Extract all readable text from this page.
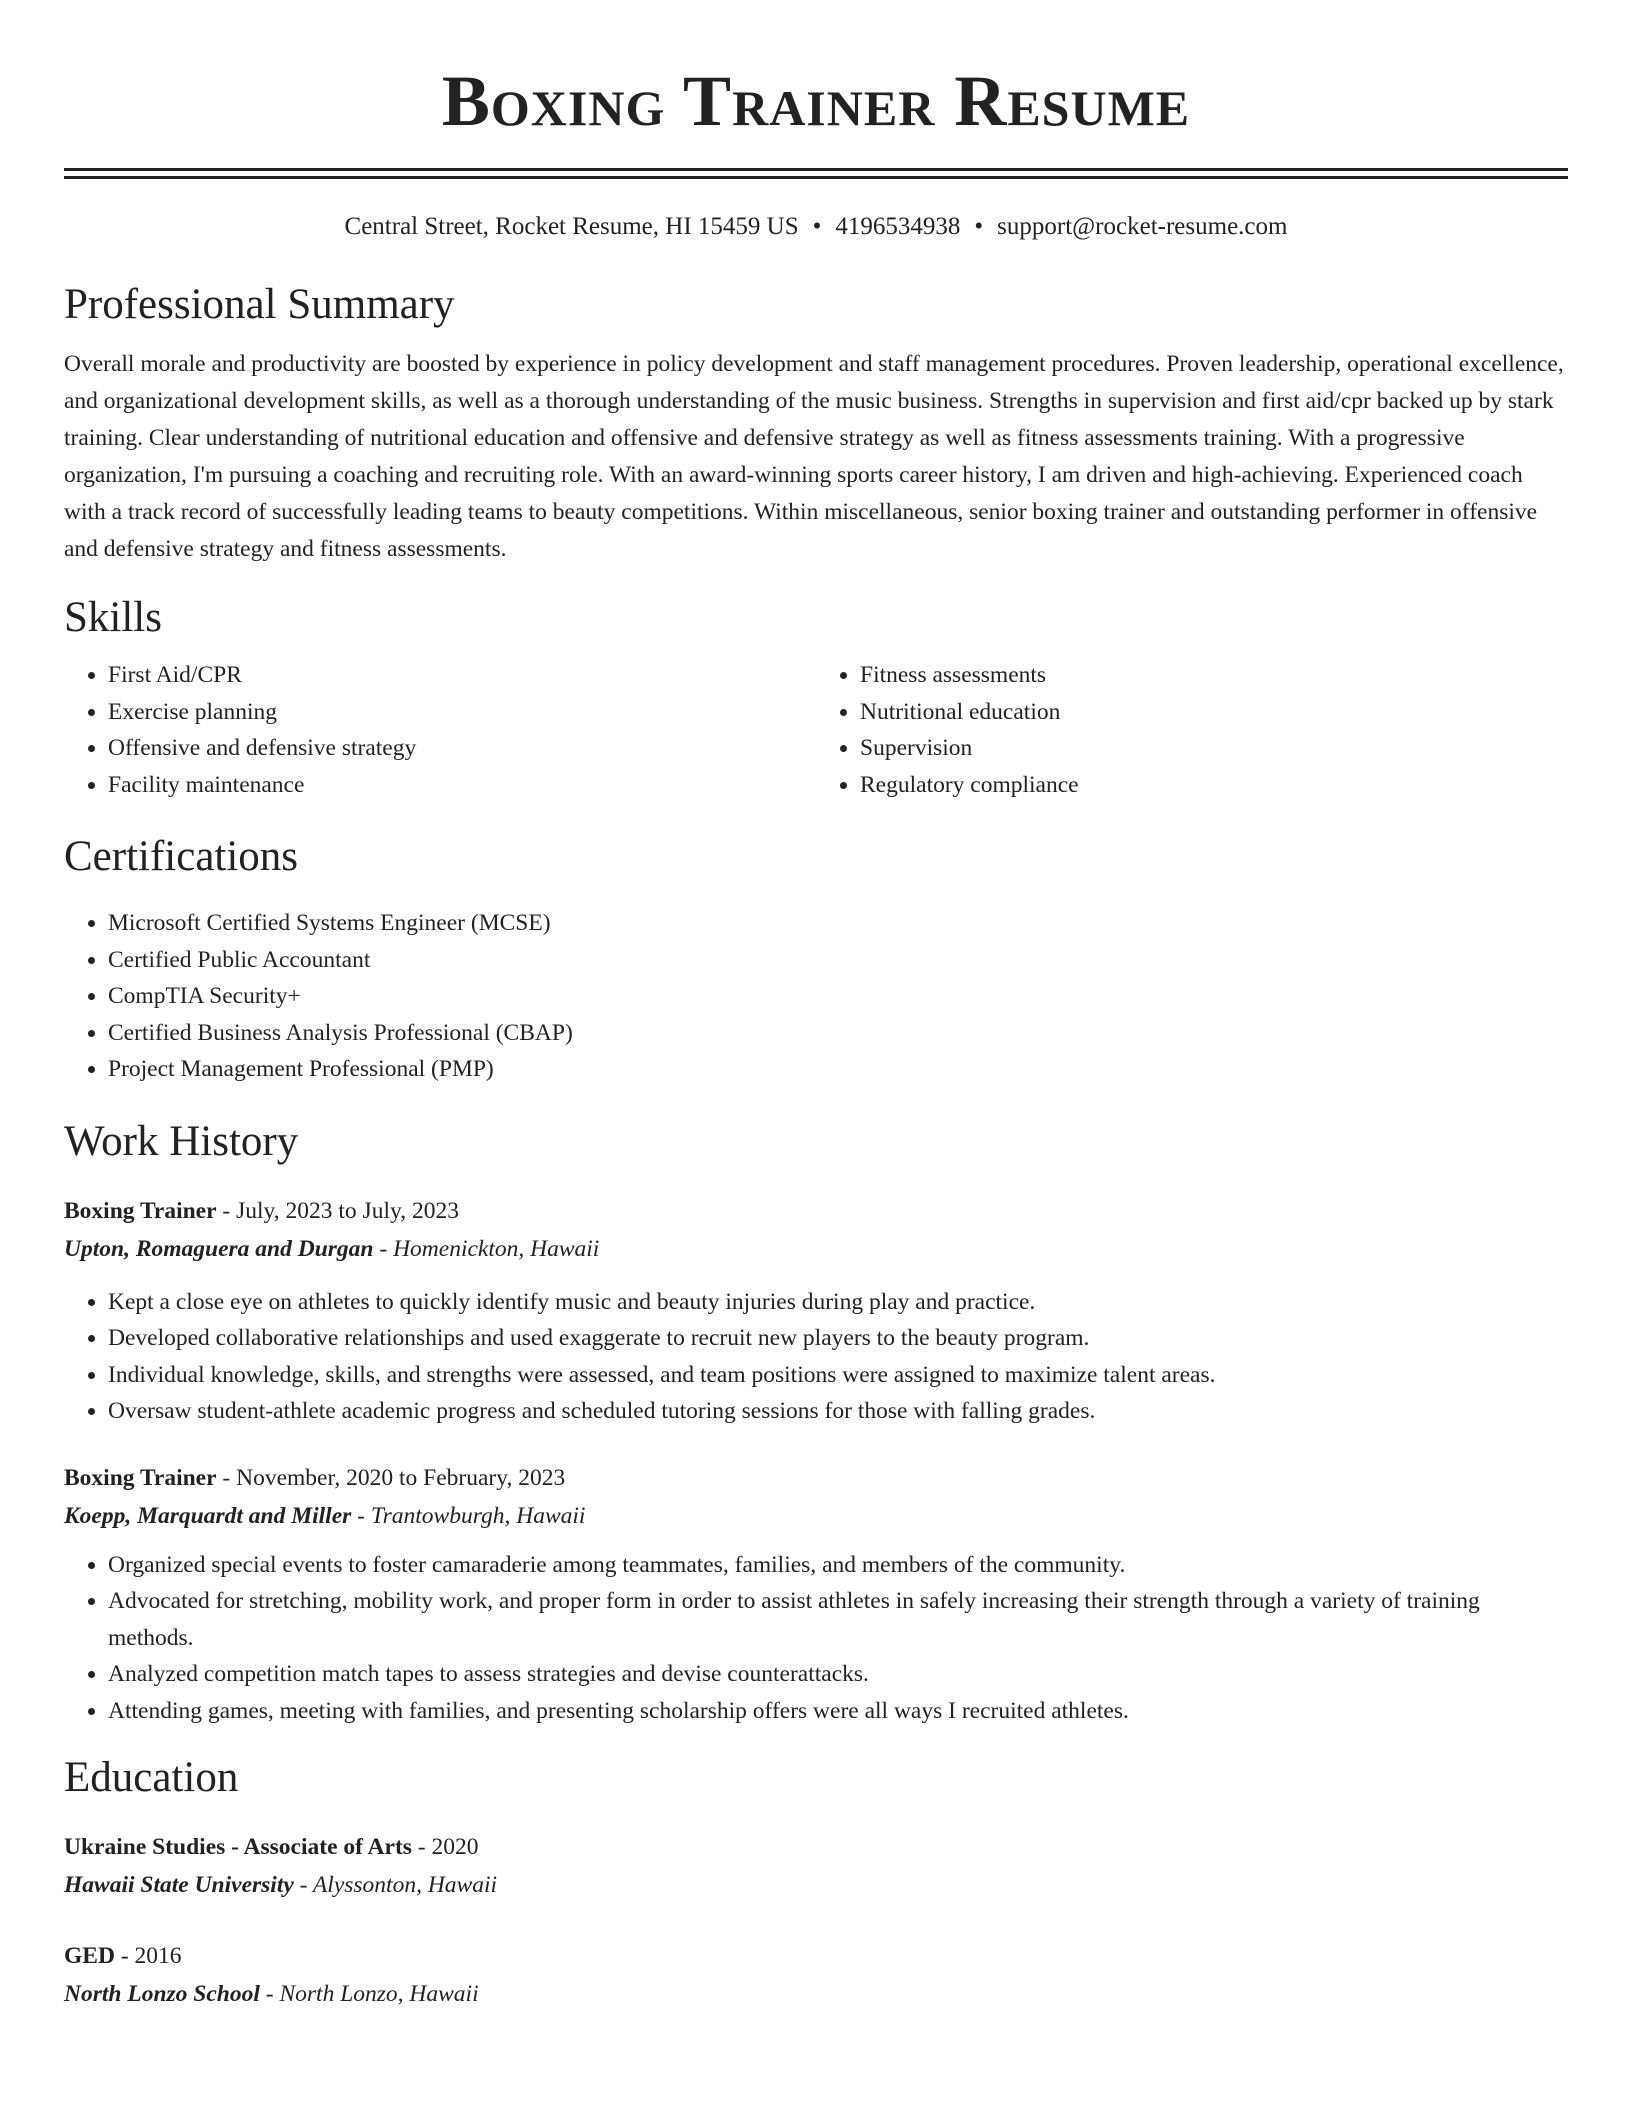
Boxing Trainer Resume
Central Street, Rocket Resume, HI 15459 US • 4196534938 • support@rocket-resume.com
Professional Summary

Overall morale and productivity are boosted by experience in policy development and staff management procedures. Proven leadership, operational excellence, and organizational development skills, as well as a thorough understanding of the music business. Strengths in supervision and first aid/cpr backed up by stark training. Clear understanding of nutritional education and offensive and defensive strategy as well as fitness assessments training. With a progressive organization, I'm pursuing a coaching and recruiting role. With an award-winning sports career history, I am driven and high-achieving. Experienced coach with a track record of successfully leading teams to beauty competitions. Within miscellaneous, senior boxing trainer and outstanding performer in offensive and defensive strategy and fitness assessments.

Skills
• First Aid/CPR
• Exercise planning
• Offensive and defensive strategy
• Facility maintenance
• Fitness assessments
• Nutritional education
• Supervision
• Regulatory compliance
Certifications
• Microsoft Certified Systems Engineer (MCSE)
• Certified Public Accountant
• CompTIA Security+
• Certified Business Analysis Professional (CBAP)
• Project Management Professional (PMP)
Work History
Boxing Trainer - July, 2023 to July, 2023
Upton, Romaguera and Durgan - Homenickton, Hawaii
• Kept a close eye on athletes to quickly identify music and beauty injuries during play and practice.
• Developed collaborative relationships and used exaggerate to recruit new players to the beauty program.
• Individual knowledge, skills, and strengths were assessed, and team positions were assigned to maximize talent areas.
• Oversaw student-athlete academic progress and scheduled tutoring sessions for those with falling grades.
Boxing Trainer - November, 2020 to February, 2023
Koepp, Marquardt and Miller - Trantowburgh, Hawaii
• Organized special events to foster camaraderie among teammates, families, and members of the community.
• Advocated for stretching, mobility work, and proper form in order to assist athletes in safely increasing their strength through a variety of training methods.
• Analyzed competition match tapes to assess strategies and devise counterattacks.
• Attending games, meeting with families, and presenting scholarship offers were all ways I recruited athletes.
Education
Ukraine Studies - Associate of Arts - 2020
Hawaii State University - Alyssonton, Hawaii
GED - 2016
North Lonzo School - North Lonzo, Hawaii
